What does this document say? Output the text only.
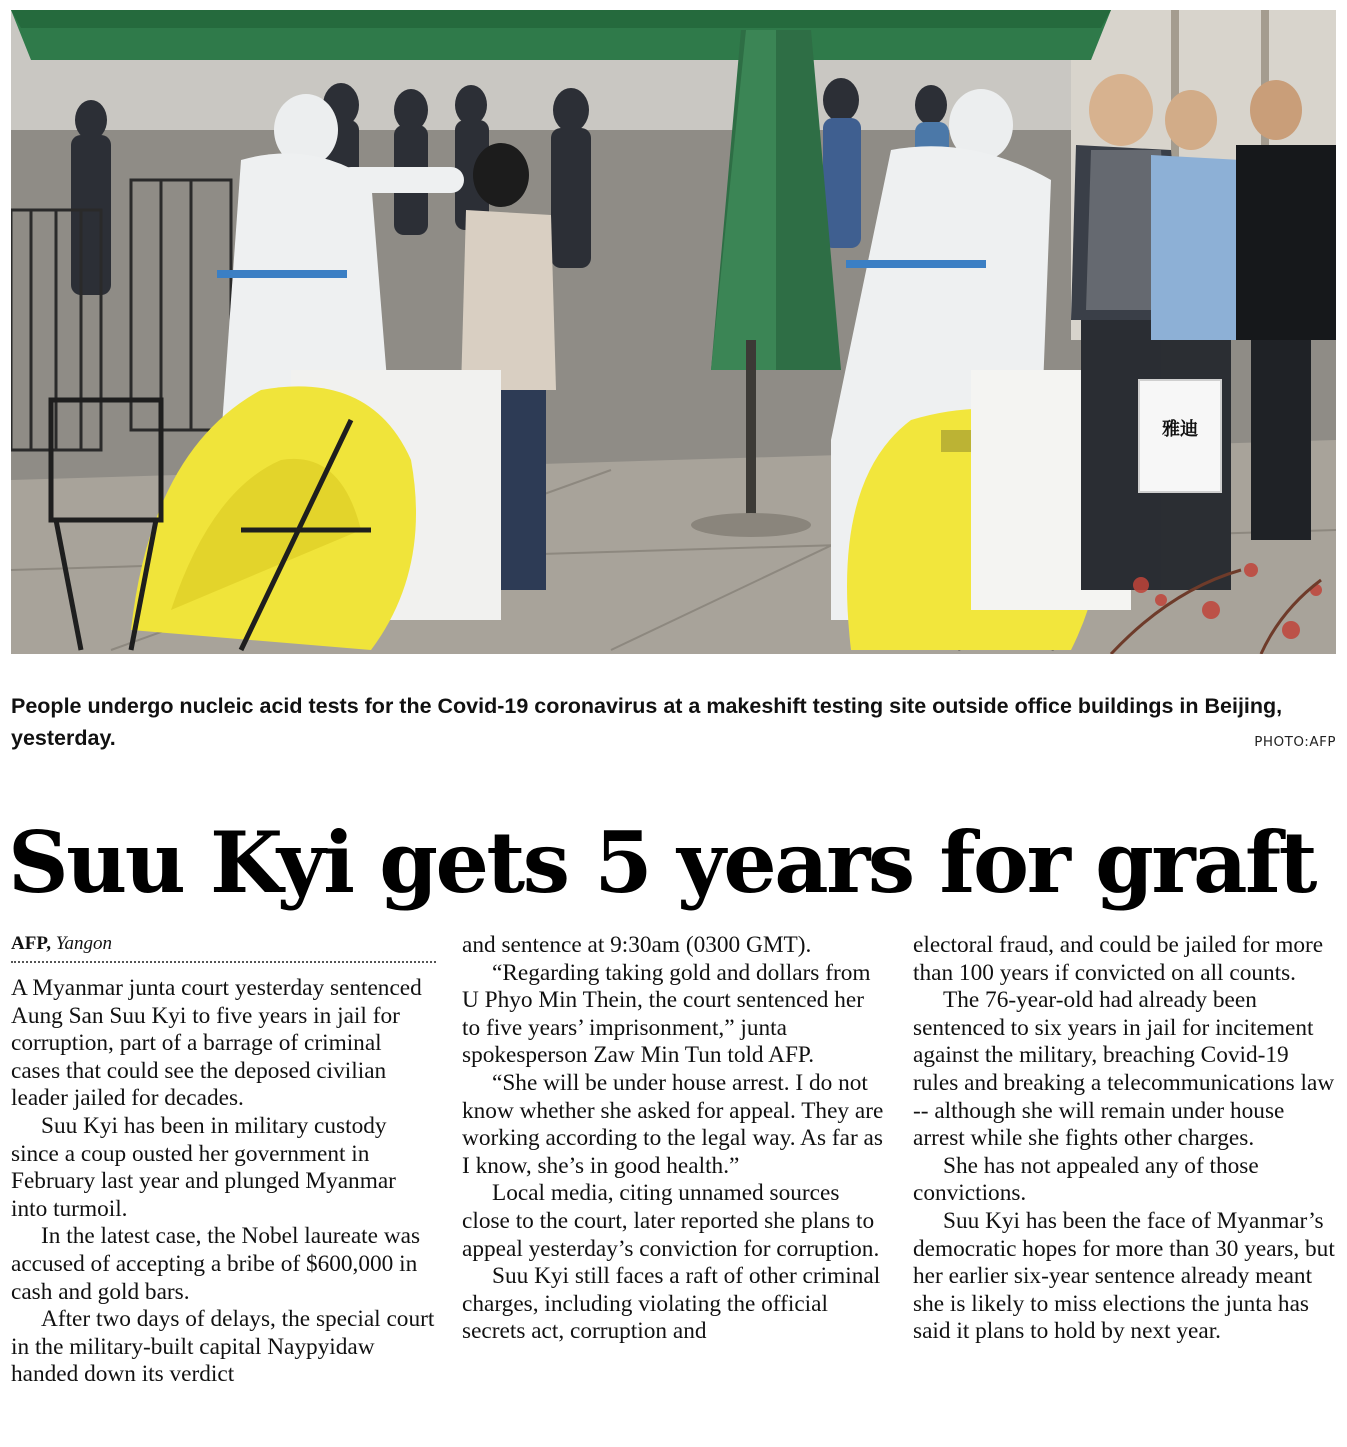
雅迪
People undergo nucleic acid tests for the Covid-19 coronavirus at a makeshift testing site outside office buildings in Beijing, yesterday.	PHOTO:AFP
Suu Kyi gets 5 years for graft
AFP, Yangon

A Myanmar junta court yesterday sentenced Aung San Suu Kyi to five years in jail for corruption, part of a barrage of criminal cases that could see the deposed civilian leader jailed for decades.

Suu Kyi has been in military custody since a coup ousted her government in February last year and plunged Myanmar into turmoil.

In the latest case, the Nobel laureate was accused of accepting a bribe of $600,000 in cash and gold bars.

After two days of delays, the special court in the military-built capital Naypyidaw handed down its verdict

and sentence at 9:30am (0300 GMT).

“Regarding taking gold and dollars from U Phyo Min Thein, the court sentenced her to five years’ imprisonment,” junta spokesperson Zaw Min Tun told AFP.

“She will be under house arrest. I do not know whether she asked for appeal. They are working according to the legal way. As far as I know, she’s in good health.”

Local media, citing unnamed sources close to the court, later reported she plans to appeal yesterday’s conviction for corruption.

Suu Kyi still faces a raft of other criminal charges, including violating the official secrets act, corruption and

electoral fraud, and could be jailed for more than 100 years if convicted on all counts.

The 76-year-old had already been sentenced to six years in jail for incitement against the military, breaching Covid-19 rules and breaking a telecommunications law -- although she will remain under house arrest while she fights other charges.

She has not appealed any of those convictions.

Suu Kyi has been the face of Myanmar’s democratic hopes for more than 30 years, but her earlier six-year sentence already meant she is likely to miss elections the junta has said it plans to hold by next year.
